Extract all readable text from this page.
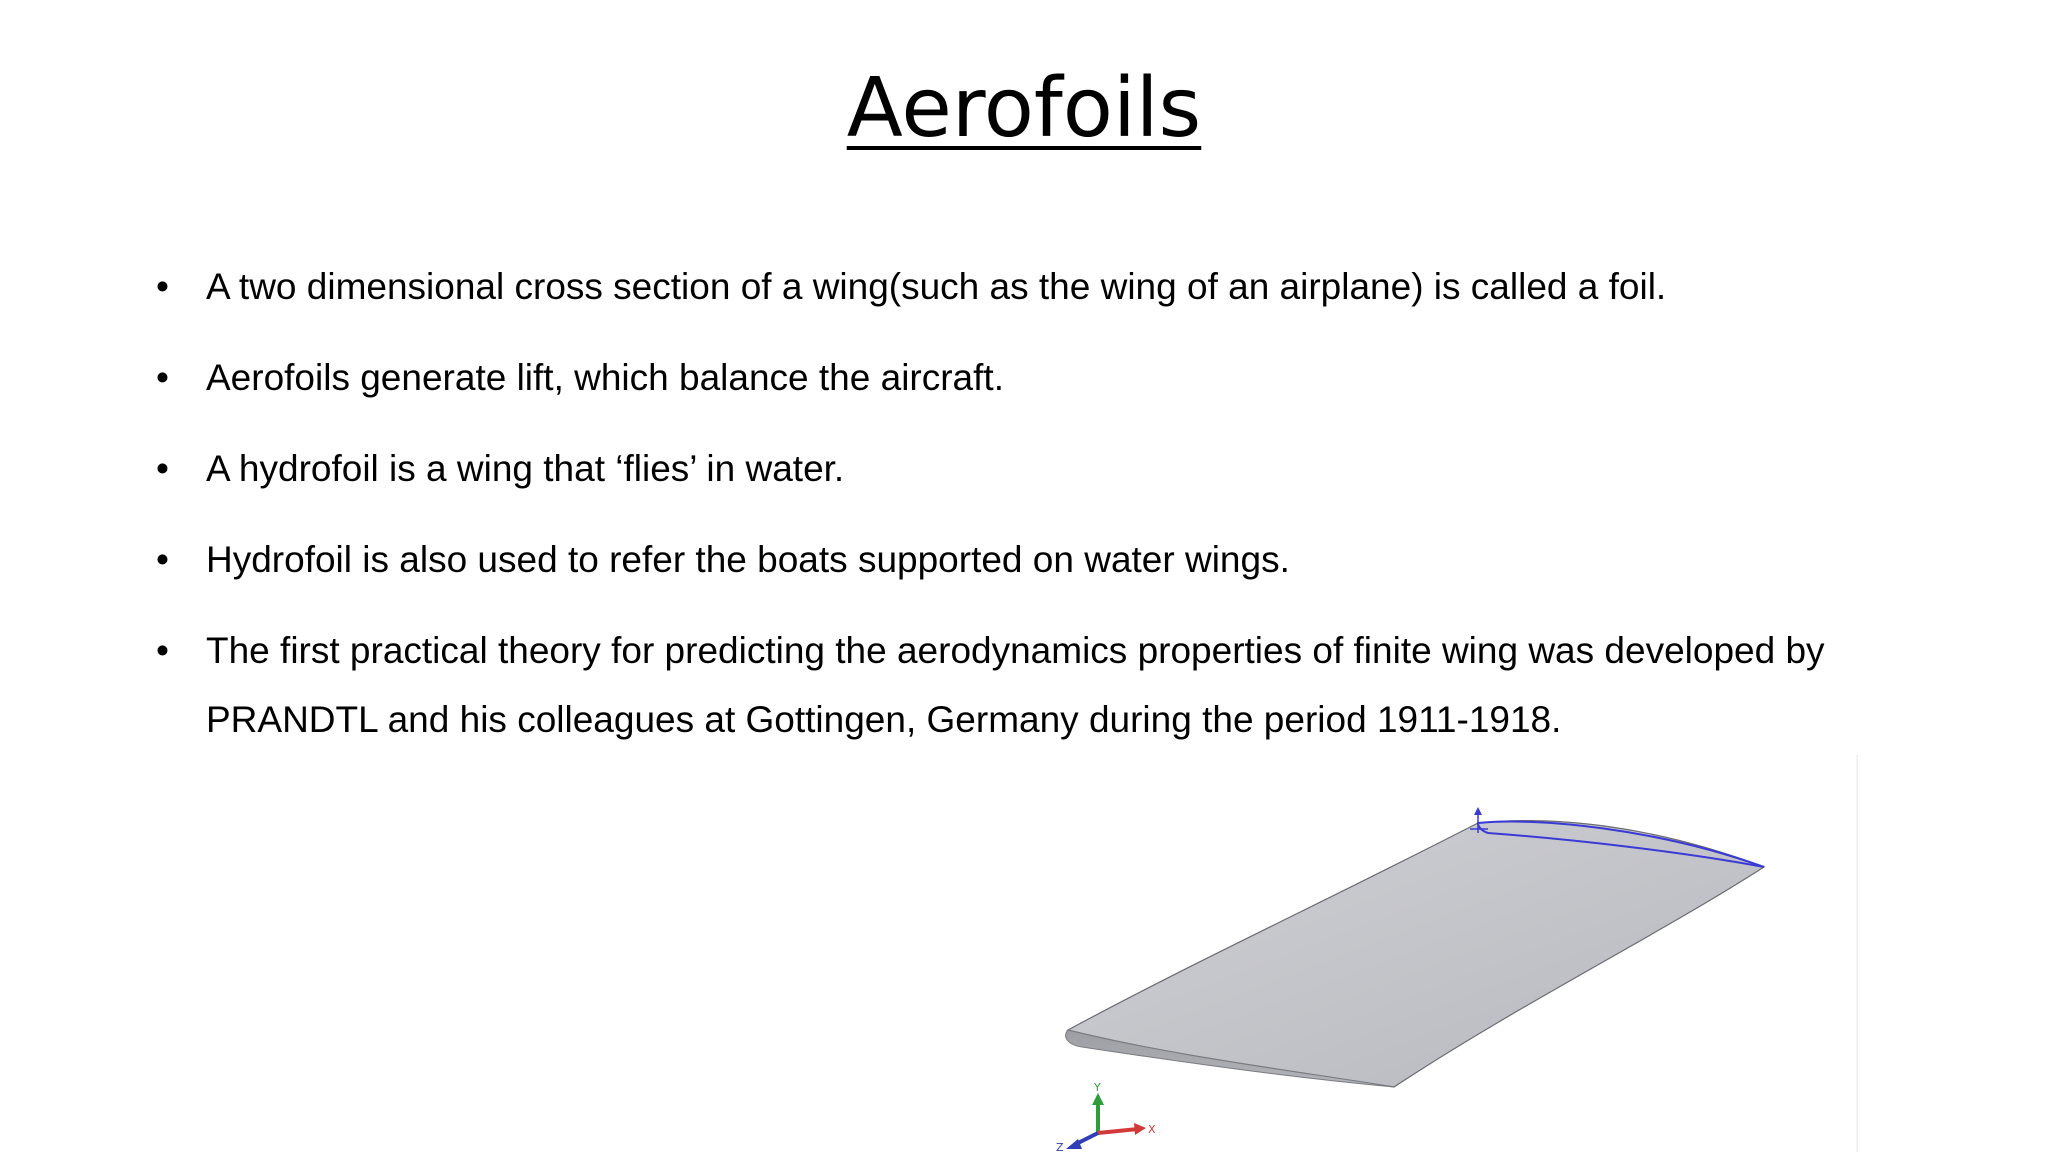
Aerofoils
• A two dimensional cross section of a wing(such as the wing of an airplane) is called a foil.
• Aerofoils generate lift, which balance the aircraft.
• A hydrofoil is a wing that ‘flies’ in water.
• Hydrofoil is also used to refer the boats supported on water wings.
• The first practical theory for predicting the aerodynamics properties of finite wing was developed by PRANDTL and his colleagues at Gottingen, Germany during the period 1911-1918.
Y
X
Z
